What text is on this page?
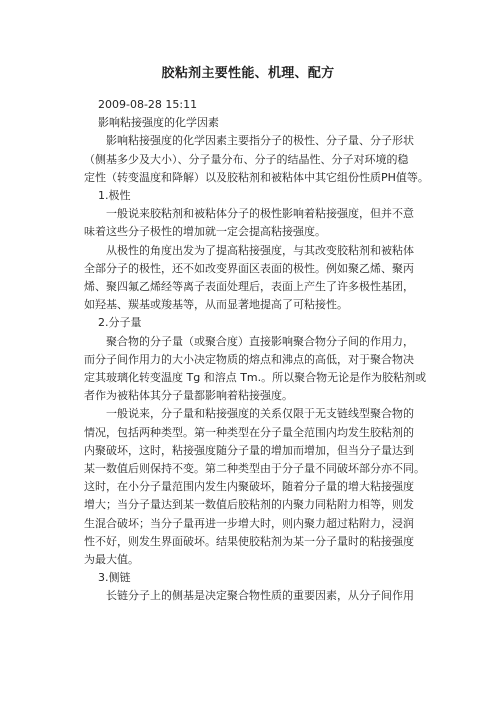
胶粘剂主要性能、机理、配方
2009-08-28 15:11
影响粘接强度的化学因素
影响粘接强度的化学因素主要指分子的极性、分子量、分子形状
（侧基多少及大小）、分子量分布、分子的结晶性、分子对环境的稳
定性（转变温度和降解）以及胶粘剂和被粘体中其它组份性质PH值等。
1.极性
一般说来胶粘剂和被粘体分子的极性影响着粘接强度，但并不意
味着这些分子极性的增加就一定会提高粘接强度。
从极性的角度出发为了提高粘接强度，与其改变胶粘剂和被粘体
全部分子的极性，还不如改变界面区表面的极性。例如聚乙烯、聚丙
烯、聚四氟乙烯经等离子表面处理后，表面上产生了许多极性基团，
如羟基、羰基或羧基等，从而显著地提高了可粘接性。
2.分子量
聚合物的分子量（或聚合度）直接影响聚合物分子间的作用力，
而分子间作用力的大小决定物质的熔点和沸点的高低，对于聚合物决
定其玻璃化转变温度 Tg 和溶点 Tm.。所以聚合物无论是作为胶粘剂或
者作为被粘体其分子量都影响着粘接强度。
一般说来，分子量和粘接强度的关系仅限于无支链线型聚合物的
情况，包括两种类型。第一种类型在分子量全范围内均发生胶粘剂的
内聚破坏，这时，粘接强度随分子量的增加而增加，但当分子量达到
某一数值后则保持不变。第二种类型由于分子量不同破坏部分亦不同。
这时，在小分子量范围内发生内聚破坏，随着分子量的增大粘接强度
增大；当分子量达到某一数值后胶粘剂的内聚力同粘附力相等，则发
生混合破坏；当分子量再进一步增大时，则内聚力超过粘附力，浸润
性不好，则发生界面破坏。结果使胶粘剂为某一分子量时的粘接强度
为最大值。
3.侧链
长链分子上的侧基是决定聚合物性质的重要因素，从分子间作用
